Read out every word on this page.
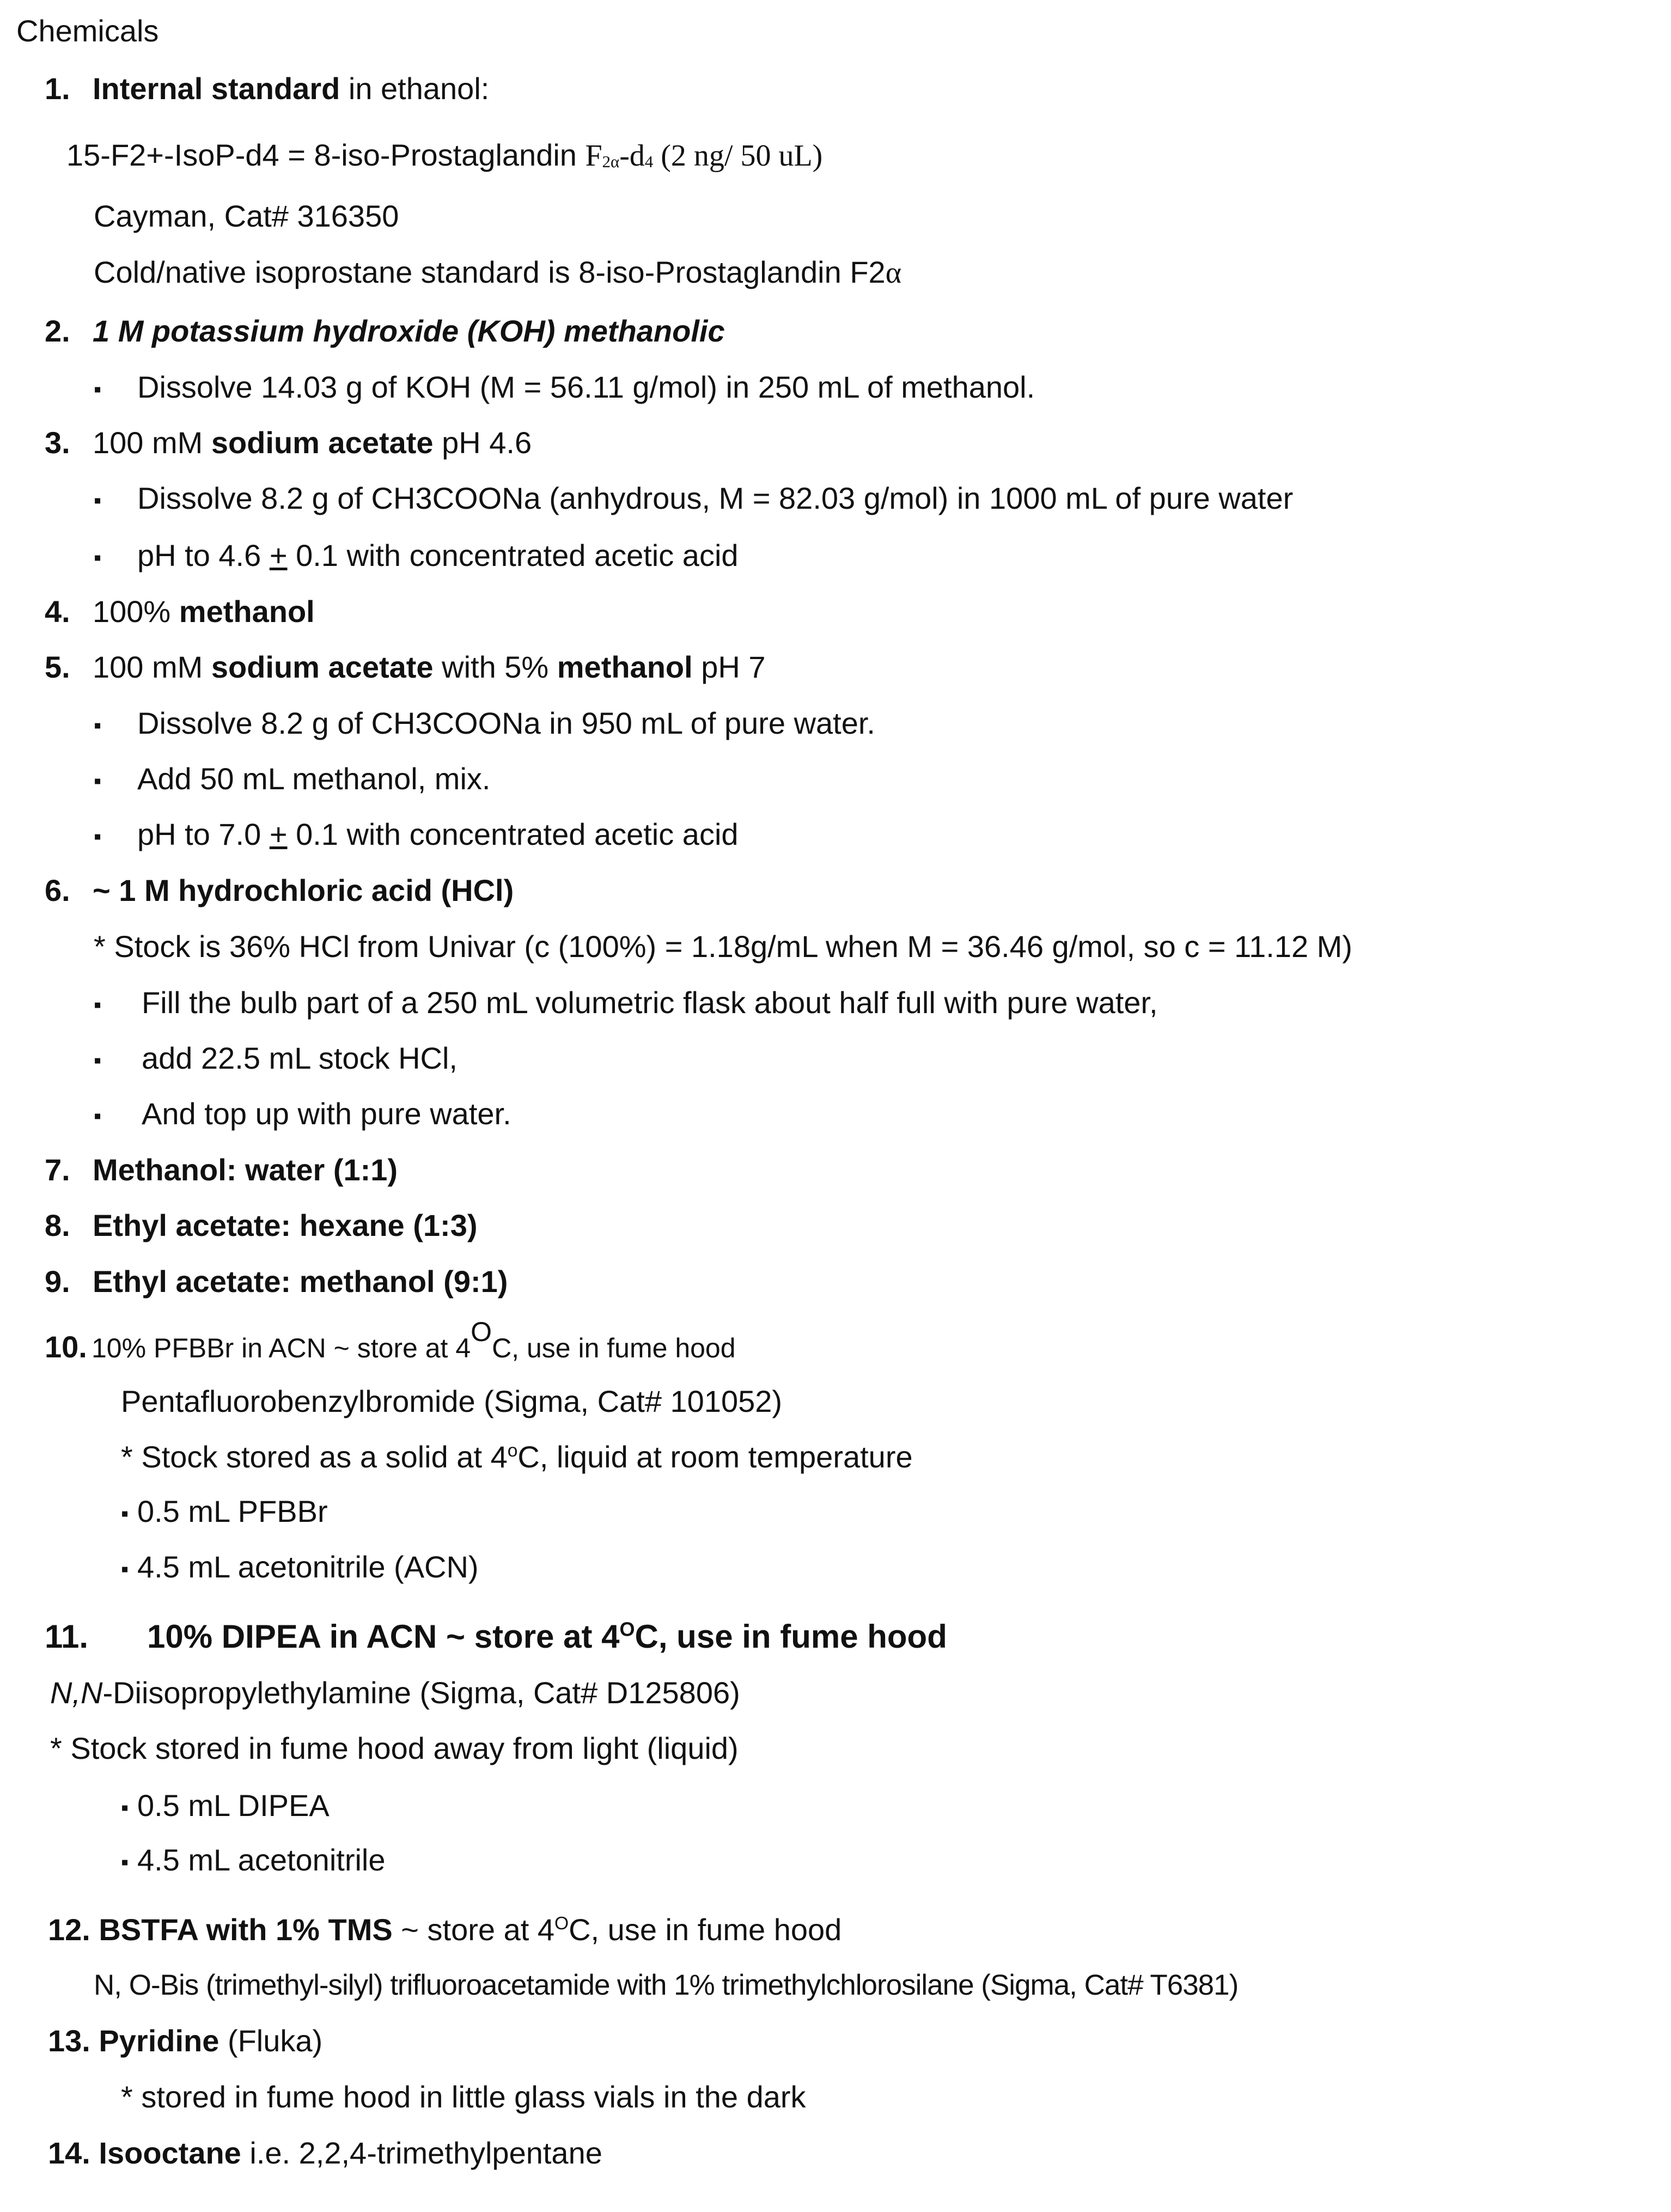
Chemicals
1. Internal standard in ethanol:
15-F2+-IsoP-d4 = 8-iso-Prostaglandin $F_{2\alpha}-d_4$ (2 ng/ 50 uL)
Cayman, Cat# 316350
Cold/native isoprostane standard is 8-iso-Prostaglandin F2α
2. 1 M potassium hydroxide (KOH) methanolic
▪ Dissolve 14.03 g of KOH (M = 56.11 g/mol) in 250 mL of methanol.
3. 100 mM sodium acetate pH 4.6
▪ Dissolve 8.2 g of CH3COONa (anhydrous, M = 82.03 g/mol) in 1000 mL of pure water
▪ pH to 4.6 + 0.1 with concentrated acetic acid
4. 100% methanol
5. 100 mM sodium acetate with 5% methanol pH 7
▪ Dissolve 8.2 g of CH3COONa in 950 mL of pure water.
▪ Add 50 mL methanol, mix.
▪ pH to 7.0 + 0.1 with concentrated acetic acid
6. ~ 1 M hydrochloric acid (HCl)
* Stock is 36% HCl from Univar (c (100%) = 1.18g/mL when M = 36.46 g/mol, so c = 11.12 M)
▪ Fill the bulb part of a 250 mL volumetric flask about half full with pure water,
▪ add 22.5 mL stock HCl,
▪ And top up with pure water.
7. Methanol: water (1:1)
8. Ethyl acetate: hexane (1:3)
9. Ethyl acetate: methanol (9:1)
10. 10% PFBBr in ACN ~ store at $4^OC$, use in fume hood
Pentafluorobenzylbromide (Sigma, Cat# 101052)
* Stock stored as a solid at 4$^o$C, liquid at room temperature
▪ 0.5 mL PFBBr
▪ 4.5 mL acetonitrile (ACN)
11. 10% DIPEA in ACN ~ store at $4^OC$, use in fume hood
N,N-Diisopropylethylamine (Sigma, Cat# D125806)
* Stock stored in fume hood away from light (liquid)
▪ 0.5 mL DIPEA
▪ 4.5 mL acetonitrile
12. BSTFA with 1% TMS ~ store at $4^OC$, use in fume hood
N, O-Bis (trimethyl-silyl) trifluoroacetamide with 1% trimethylchlorosilane (Sigma, Cat# T6381)
13. Pyridine (Fluka)
* stored in fume hood in little glass vials in the dark
14. Isooctane i.e. 2,2,4-trimethylpentane
